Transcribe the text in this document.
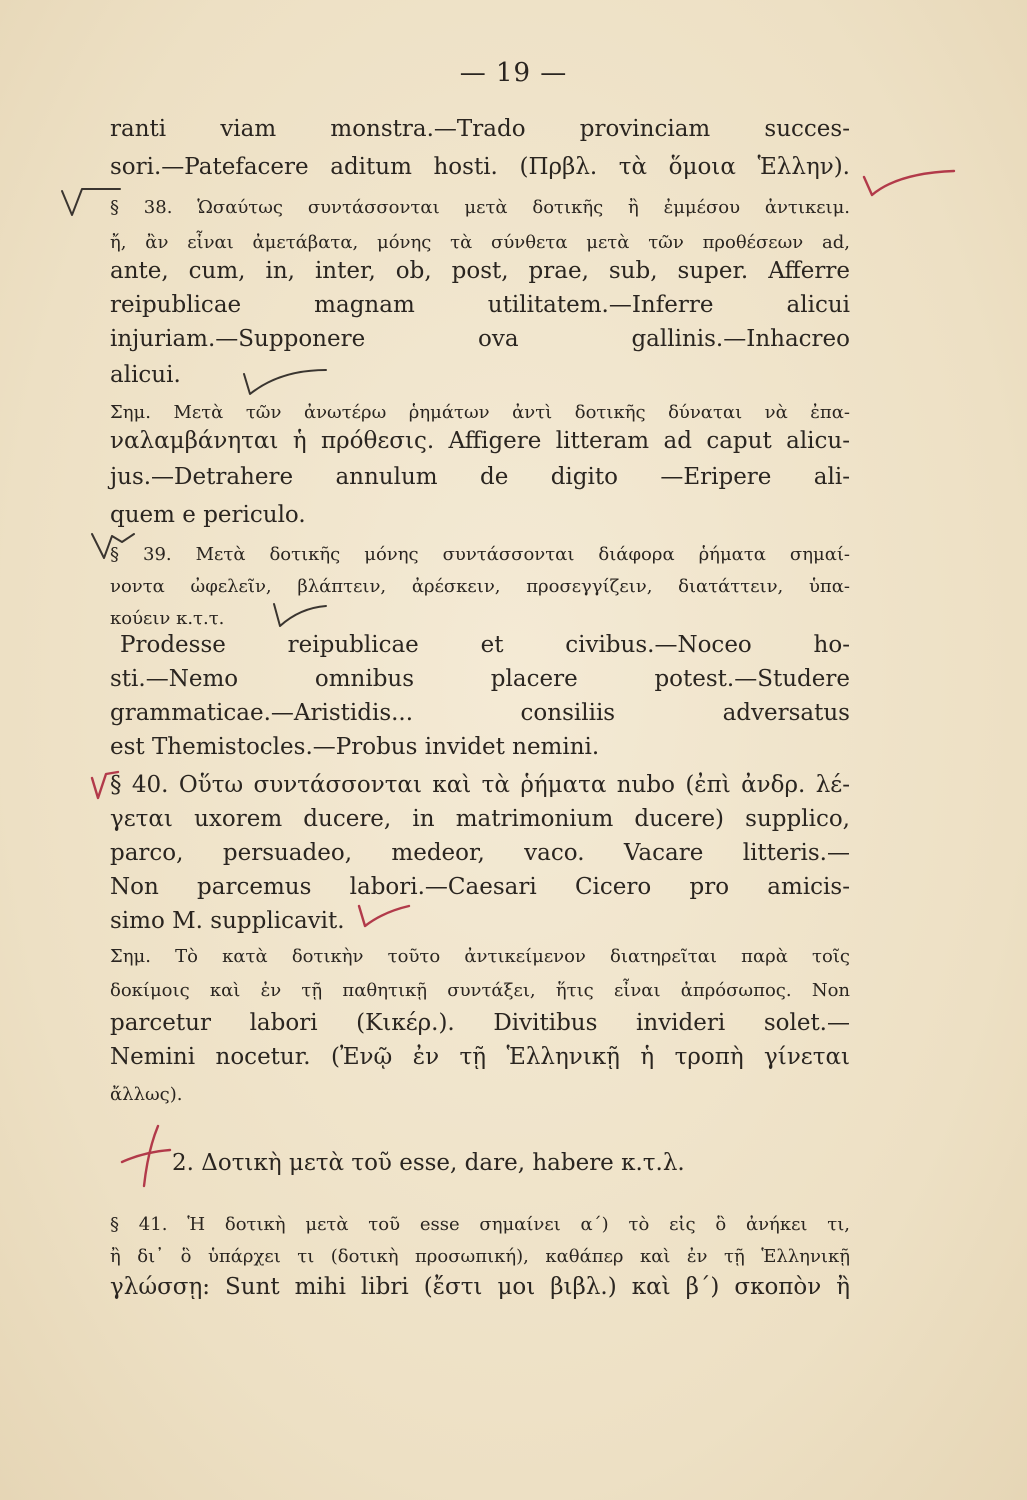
— 19 —
ranti viam monstra.—Trado provinciam succes-
sori.—Patefacere aditum hosti. (Πρβλ. τὰ ὅμοια Ἑλλην).
§ 38. Ὡσαύτως συντάσσονται μετὰ δοτικῆς ἢ ἐμμέσου ἀντικειμ.
ἤ, ἂν εἶναι ἀμετάβατα, μόνης τὰ σύνθετα μετὰ τῶν προθέσεων ad,
ante, cum, in, inter, ob, post, prae, sub, super. Afferre
reipublicae magnam utilitatem.—Inferre alicui
injuriam.—Supponere ova gallinis.—Inhacreo
alicui.
Σημ. Μετὰ τῶν ἀνωτέρω ῥημάτων ἀντὶ δοτικῆς δύναται νὰ ἐπα-
ναλαμβάνηται ἡ πρόθεσις. Affigere litteram ad caput alicu-
jus.—Detrahere annulum de digito —Eripere ali-
quem e periculo.
§ 39. Μετὰ δοτικῆς μόνης συντάσσονται διάφορα ῥήματα σημαί-
νοντα ὠφελεῖν, βλάπτειν, ἀρέσκειν, προσεγγίζειν, διατάττειν, ὑπα-
κούειν κ.τ.τ.
Prodesse reipublicae et civibus.—Noceo ho-
sti.—Nemo omnibus placere potest.—Studere
grammaticae.—Aristidis... consiliis adversatus
est Themistocles.—Probus invidet nemini.
§ 40. Οὕτω συντάσσονται καὶ τὰ ῥήματα nubo (ἐπὶ ἀνδρ. λέ-
γεται uxorem ducere, in matrimonium ducere) supplico,
parco, persuadeo, medeor, vaco. Vacare litteris.—
Non parcemus labori.—Caesari Cicero pro amicis-
simo M. supplicavit.
Σημ. Τὸ κατὰ δοτικὴν τοῦτο ἀντικείμενον διατηρεῖται παρὰ τοῖς
δοκίμοις καὶ ἐν τῇ παθητικῇ συντάξει, ἥτις εἶναι ἀπρόσωπος. Non
parcetur labori (Κικέρ.). Divitibus invideri solet.—
Nemini nocetur. (Ἐνῷ ἐν τῇ Ἑλληνικῇ ἡ τροπὴ γίνεται
ἄλλως).
2. Δοτικὴ μετὰ τοῦ esse, dare, habere κ.τ.λ.
§ 41. Ἡ δοτικὴ μετὰ τοῦ esse σημαίνει α΄) τὸ εἰς ὃ ἀνήκει τι,
ἢ δι᾽ ὃ ὑπάρχει τι (δοτικὴ προσωπική), καθάπερ καὶ ἐν τῇ Ἑλληνικῇ
γλώσσῃ: Sunt mihi libri (ἔστι μοι βιβλ.) καὶ β΄) σκοπὸν ἢ
